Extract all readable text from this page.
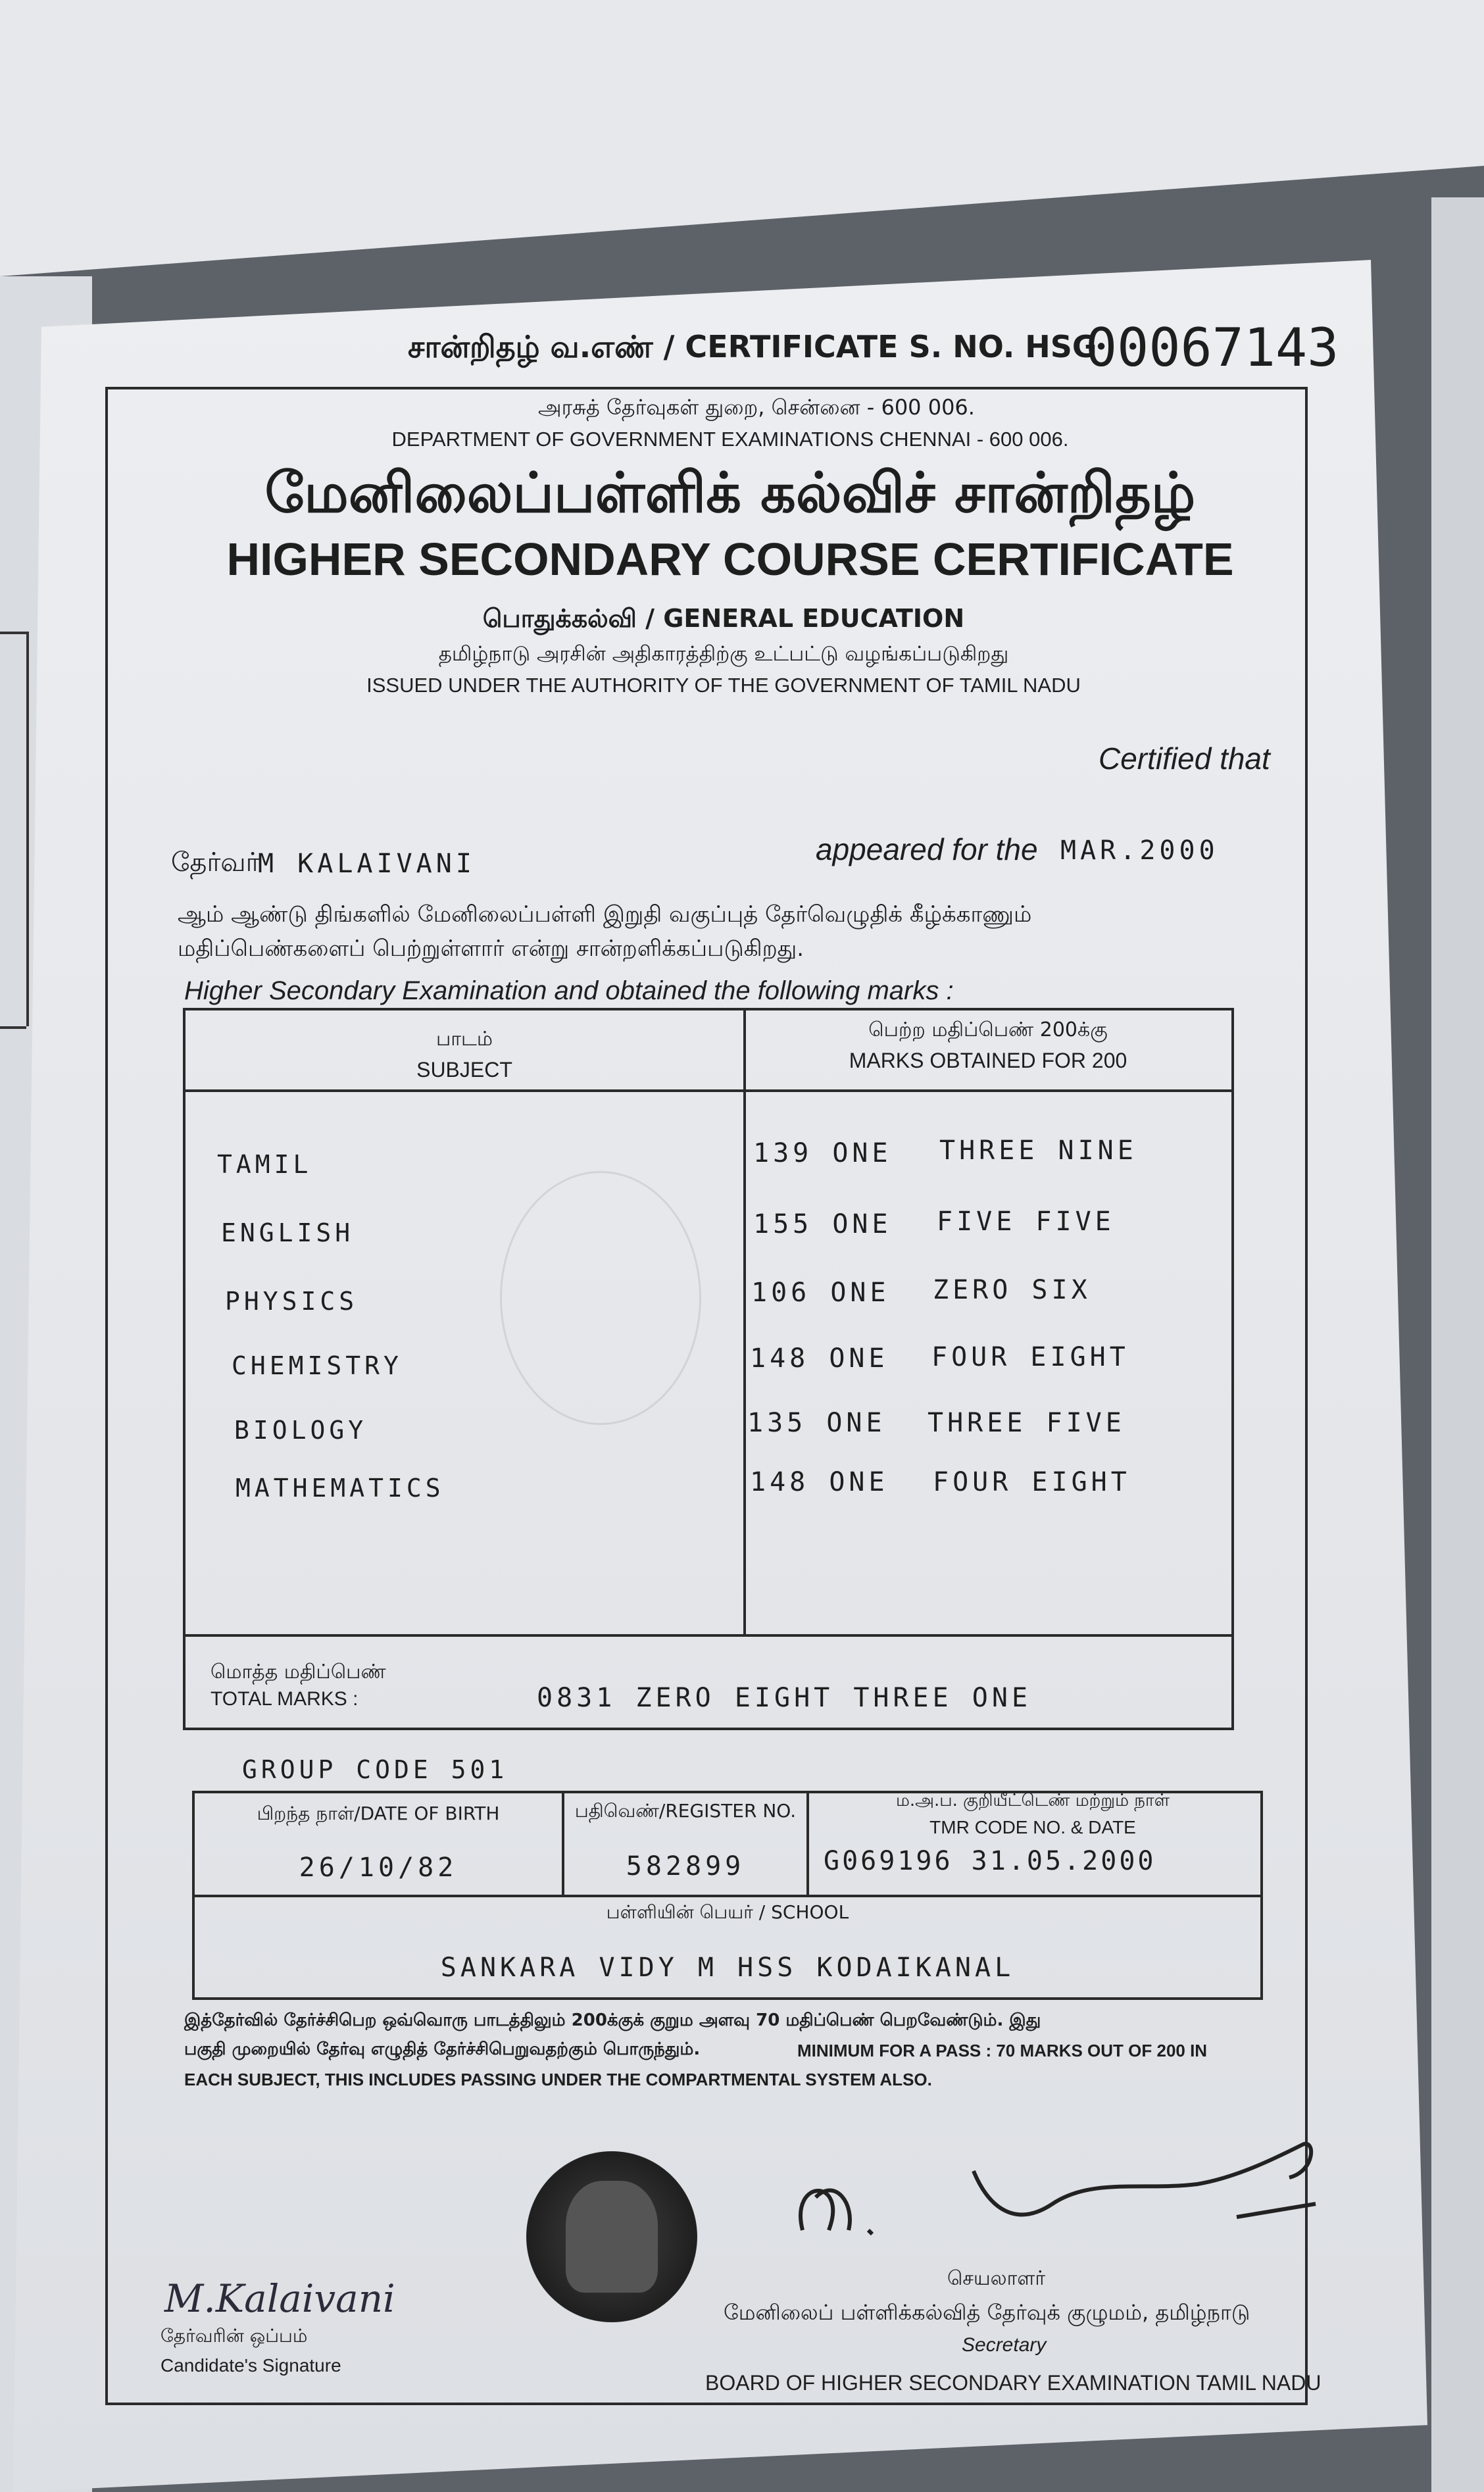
சான்றிதழ் வ.எண் / CERTIFICATE S. NO. HSG
00067143
அரசுத் தேர்வுகள் துறை, சென்னை - 600 006.
DEPARTMENT OF GOVERNMENT EXAMINATIONS CHENNAI - 600 006.
மேனிலைப்பள்ளிக் கல்விச் சான்றிதழ்
HIGHER SECONDARY COURSE CERTIFICATE
பொதுக்கல்வி / GENERAL EDUCATION
தமிழ்நாடு அரசின் அதிகாரத்திற்கு உட்பட்டு வழங்கப்படுகிறது
ISSUED UNDER THE AUTHORITY OF THE GOVERNMENT OF TAMIL NADU
Certified that
தேர்வர்
M KALAIVANI	appeared for the MAR.2000
ஆம் ஆண்டு திங்களில் மேனிலைப்பள்ளி இறுதி வகுப்புத் தேர்வெழுதிக் கீழ்க்காணும்
மதிப்பெண்களைப் பெற்றுள்ளார் என்று சான்றளிக்கப்படுகிறது.
Higher Secondary Examination and obtained the following marks :
பாடம்
SUBJECT
பெற்ற மதிப்பெண் 200க்கு
MARKS OBTAINED FOR 200
TAMIL	139 ONE THREE NINE
ENGLISH	155 ONE FIVE FIVE
PHYSICS	106 ONE ZERO SIX
CHEMISTRY	148 ONE FOUR EIGHT
BIOLOGY	135 ONE THREE FIVE
MATHEMATICS	148 ONE FOUR EIGHT
மொத்த மதிப்பெண்
TOTAL MARKS :	0831 ZERO EIGHT THREE ONE
GROUP CODE 501
பிறந்த நாள்/DATE OF BIRTH
26/10/82
பதிவெண்/REGISTER NO.
582899
ம.அ.ப. குறியீட்டெண் மற்றும் நாள்
TMR CODE NO. & DATE
G069196 31.05.2000
பள்ளியின் பெயர் / SCHOOL
SANKARA VIDY M HSS KODAIKANAL
இத்தேர்வில் தேர்ச்சிபெற ஒவ்வொரு பாடத்திலும் 200க்குக் குறும அளவு 70 மதிப்பெண் பெறவேண்டும். இது
பகுதி முறையில் தேர்வு எழுதித் தேர்ச்சிபெறுவதற்கும் பொருந்தும்.	MINIMUM FOR A PASS : 70 MARKS OUT OF 200 IN
EACH SUBJECT, THIS INCLUDES PASSING UNDER THE COMPARTMENTAL SYSTEM ALSO.
M.Kalaivani
தேர்வரின் ஒப்பம்
Candidate's Signature
செயலாளர்
மேனிலைப் பள்ளிக்கல்வித் தேர்வுக் குழுமம், தமிழ்நாடு
Secretary
BOARD OF HIGHER SECONDARY EXAMINATION TAMIL NADU
